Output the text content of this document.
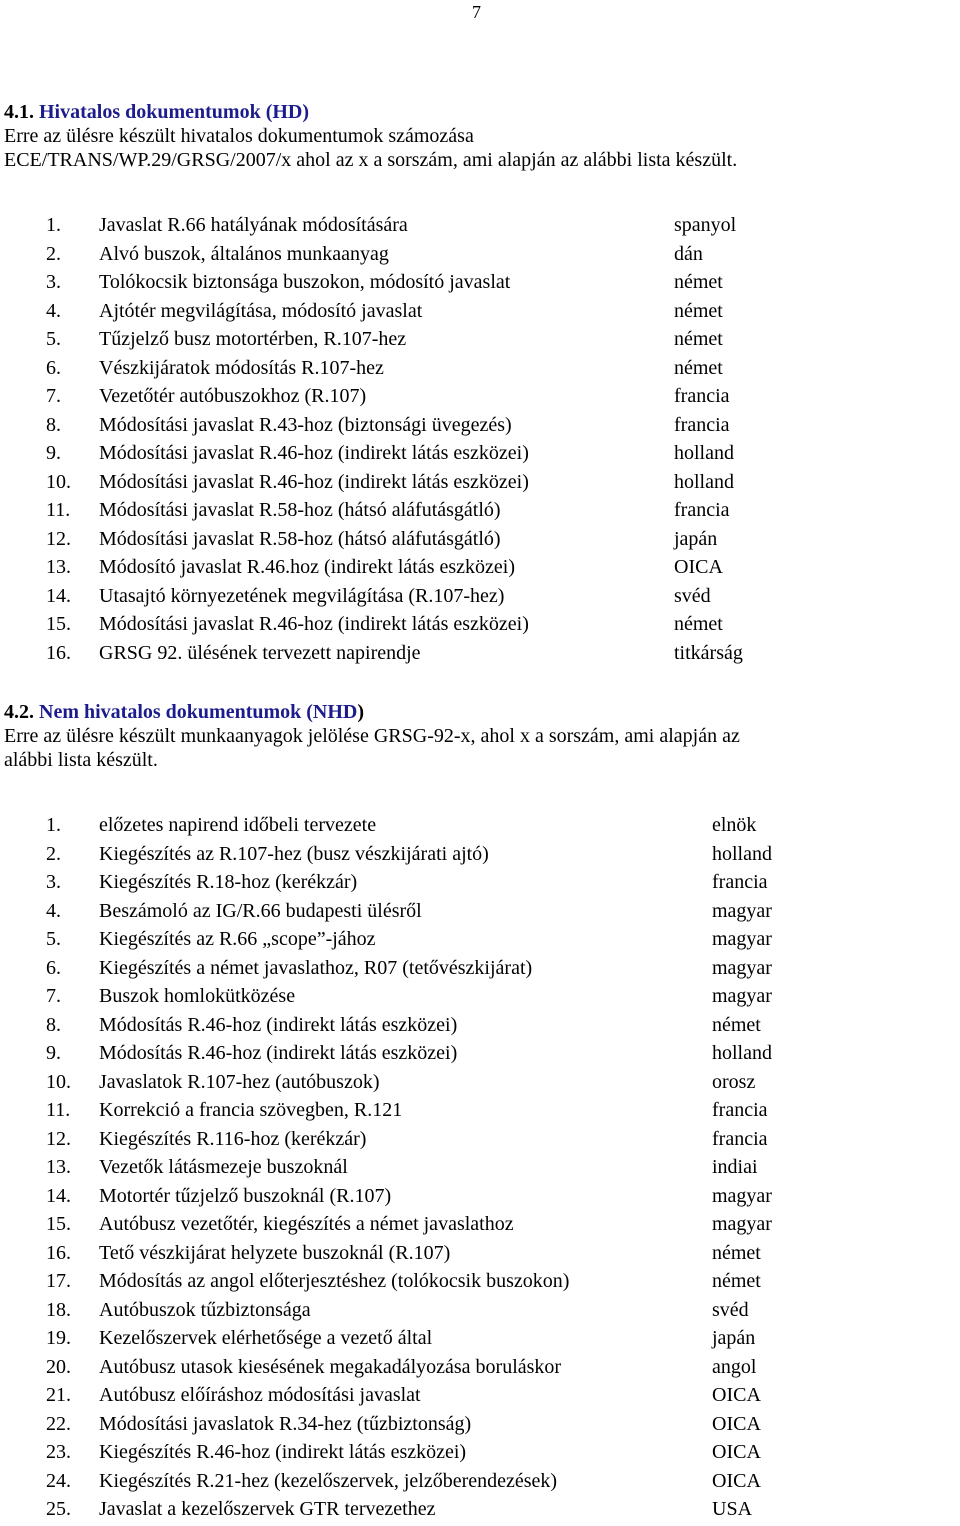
7
4.1. Hivatalos dokumentumok (HD)
Erre az ülésre készült hivatalos dokumentumok számozása
ECE/TRANS/WP.29/GRSG/2007/x ahol az x a sorszám, ami alapján az alábbi lista készült.
1. Javaslat R.66 hatályának módosítására	spanyol
2. Alvó buszok, általános munkaanyag	dán
3. Tolókocsik biztonsága buszokon, módosító javaslat	német
4. Ajtótér megvilágítása, módosító javaslat	német
5. Tűzjelző busz motortérben, R.107-hez	német
6. Vészkijáratok módosítás R.107-hez	német
7. Vezetőtér autóbuszokhoz (R.107)	francia
8. Módosítási javaslat R.43-hoz (biztonsági üvegezés)	francia
9. Módosítási javaslat R.46-hoz (indirekt látás eszközei)	holland
10. Módosítási javaslat R.46-hoz (indirekt látás eszközei)	holland
11. Módosítási javaslat R.58-hoz (hátsó aláfutásgátló)	francia
12. Módosítási javaslat R.58-hoz (hátsó aláfutásgátló)	japán
13. Módosító javaslat R.46.hoz (indirekt látás eszközei)	OICA
14. Utasajtó környezetének megvilágítása (R.107-hez)	svéd
15. Módosítási javaslat R.46-hoz (indirekt látás eszközei)	német
16. GRSG 92. ülésének tervezett napirendje	titkárság
4.2. Nem hivatalos dokumentumok (NHD)
Erre az ülésre készült munkaanyagok jelölése GRSG-92-x, ahol x a sorszám, ami alapján az
alábbi lista készült.
1. előzetes napirend időbeli tervezete	elnök
2. Kiegészítés az R.107-hez (busz vészkijárati ajtó)	holland
3. Kiegészítés R.18-hoz (kerékzár)	francia
4. Beszámoló az IG/R.66 budapesti ülésről	magyar
5. Kiegészítés az R.66 „scope”-jához	magyar
6. Kiegészítés a német javaslathoz, R07 (tetővészkijárat)	magyar
7. Buszok homlokütközése	magyar
8. Módosítás R.46-hoz (indirekt látás eszközei)	német
9. Módosítás R.46-hoz (indirekt látás eszközei)	holland
10. Javaslatok R.107-hez (autóbuszok)	orosz
11. Korrekció a francia szövegben, R.121	francia
12. Kiegészítés R.116-hoz (kerékzár)	francia
13. Vezetők látásmezeje buszoknál	indiai
14. Motortér tűzjelző buszoknál (R.107)	magyar
15. Autóbusz vezetőtér, kiegészítés a német javaslathoz	magyar
16. Tető vészkijárat helyzete buszoknál (R.107)	német
17. Módosítás az angol előterjesztéshez (tolókocsik buszokon)	német
18. Autóbuszok tűzbiztonsága	svéd
19. Kezelőszervek elérhetősége a vezető által	japán
20. Autóbusz utasok kiesésének megakadályozása boruláskor	angol
21. Autóbusz előíráshoz módosítási javaslat	OICA
22. Módosítási javaslatok R.34-hez (tűzbiztonság)	OICA
23. Kiegészítés R.46-hoz (indirekt látás eszközei)	OICA
24. Kiegészítés R.21-hez (kezelőszervek, jelzőberendezések)	OICA
25. Javaslat a kezelőszervek GTR tervezethez	USA
